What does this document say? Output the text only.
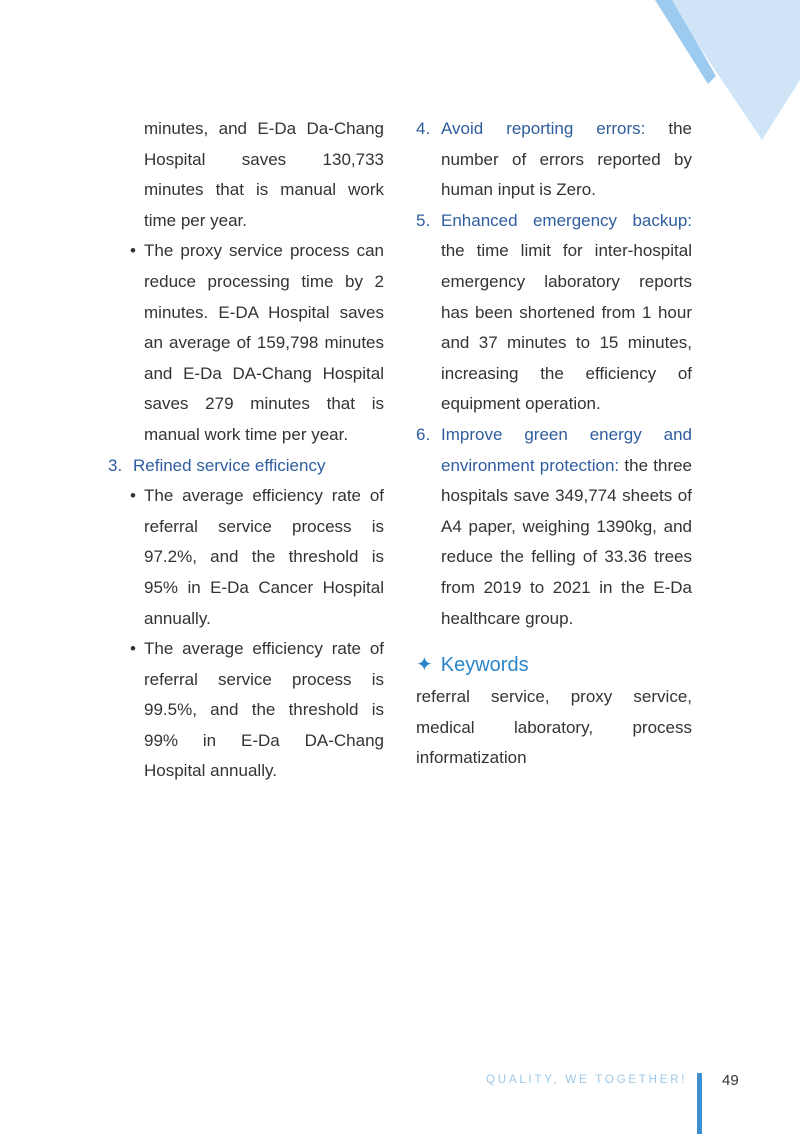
minutes, and E-Da Da-Chang Hospital saves 130,733 minutes that is manual work time per year.

• The proxy service process can reduce processing time by 2 minutes. E-DA Hospital saves an average of 159,798 minutes and E-Da DA-Chang Hospital saves 279 minutes that is manual work time per year.
3. Refined service efficiency
• The average efficiency rate of referral service process is 97.2%, and the threshold is 95% in E-Da Cancer Hospital annually.
• The average efficiency rate of referral service process is 99.5%, and the threshold is 99% in E-Da DA-Chang Hospital annually.
4. Avoid reporting errors: the number of errors reported by human input is Zero.
5. Enhanced emergency backup: the time limit for inter-hospital emergency laboratory reports has been shortened from 1 hour and 37 minutes to 15 minutes, increasing the efficiency of equipment operation.
6. Improve green energy and environment protection: the three hospitals save 349,774 sheets of A4 paper, weighing 1390kg, and reduce the felling of 33.36 trees from 2019 to 2021 in the E-Da healthcare group.
✦ Keywords

referral service, proxy service, medical laboratory, process informatization

QUALITY, WE TOGETHER! 49
